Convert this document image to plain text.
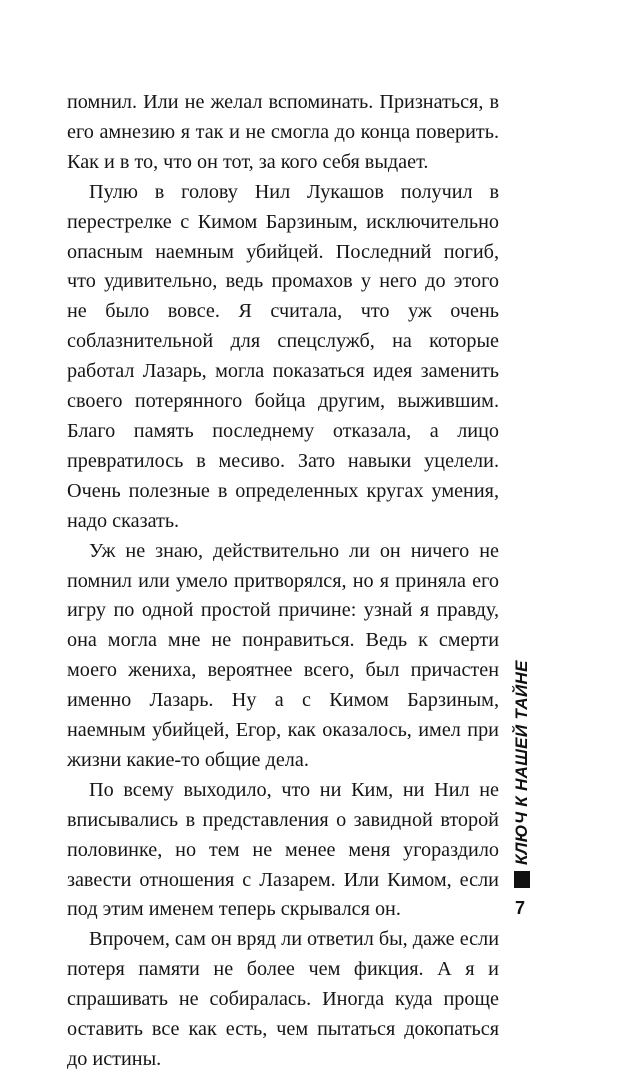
помнил. Или не желал вспоминать. Признаться, в его амнезию я так и не смогла до конца поверить. Как и в то, что он тот, за кого себя выдает.

Пулю в голову Нил Лукашов получил в перестрелке с Кимом Барзиным, исключительно опасным наемным убийцей. Последний погиб, что удивительно, ведь промахов у него до этого не было вовсе. Я считала, что уж очень соблазнительной для спецслужб, на которые работал Лазарь, могла показаться идея заменить своего потерянного бойца другим, выжившим. Благо память последнему отказала, а лицо превратилось в месиво. Зато навыки уцелели. Очень полезные в определенных кругах умения, надо сказать.

Уж не знаю, действительно ли он ничего не помнил или умело притворялся, но я приняла его игру по одной простой причине: узнай я правду, она могла мне не понравиться. Ведь к смерти моего жениха, вероятнее всего, был причастен именно Лазарь. Ну а с Кимом Барзиным, наемным убийцей, Егор, как оказалось, имел при жизни какие-то общие дела.

По всему выходило, что ни Ким, ни Нил не вписывались в представления о завидной второй половинке, но тем не менее меня угораздило завести отношения с Лазарем. Или Кимом, если под этим именем теперь скрывался он.

Впрочем, сам он вряд ли ответил бы, даже если потеря памяти не более чем фикция. А я и спрашивать не собиралась. Иногда куда проще оставить все как есть, чем пытаться докопаться до истины.

КЛЮЧ К НАШЕЙ ТАЙНЕ
7
